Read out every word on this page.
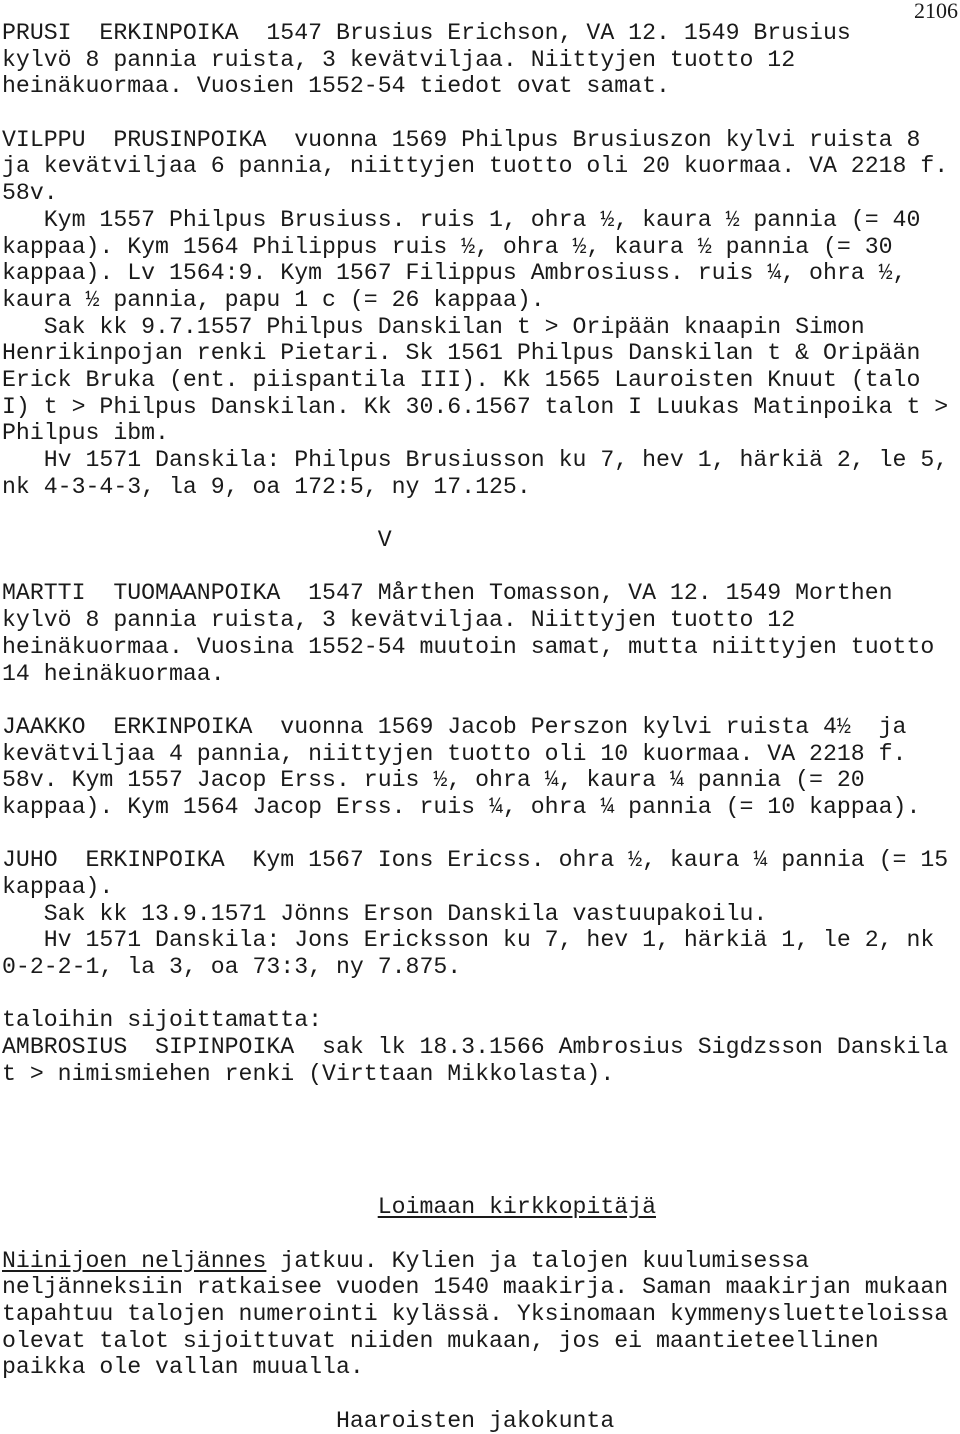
2106
PRUSI  ERKINPOIKA  1547 Brusius Erichson, VA 12. 1549 Brusius
kylvö 8 pannia ruista, 3 kevätviljaa. Niittyjen tuotto 12
heinäkuormaa. Vuosien 1552-54 tiedot ovat samat.
VILPPU  PRUSINPOIKA  vuonna 1569 Philpus Brusiuszon kylvi ruista 8
ja kevätviljaa 6 pannia, niittyjen tuotto oli 20 kuormaa. VA 2218 f.
58v.
Kym 1557 Philpus Brusiuss. ruis 1, ohra ½, kaura ½ pannia (= 40
kappaa). Kym 1564 Philippus ruis ½, ohra ½, kaura ½ pannia (= 30
kappaa). Lv 1564:9. Kym 1567 Filippus Ambrosiuss. ruis ¼, ohra ½,
kaura ½ pannia, papu 1 c (= 26 kappaa).
Sak kk 9.7.1557 Philpus Danskilan t > Oripään knaapin Simon
Henrikinpojan renki Pietari. Sk 1561 Philpus Danskilan t & Oripään
Erick Bruka (ent. piispantila III). Kk 1565 Lauroisten Knuut (talo
I) t > Philpus Danskilan. Kk 30.6.1567 talon I Luukas Matinpoika t >
Philpus ibm.
Hv 1571 Danskila: Philpus Brusiusson ku 7, hev 1, härkiä 2, le 5,
nk 4-3-4-3, la 9, oa 172:5, ny 17.125.
V
MARTTI  TUOMAANPOIKA  1547 Mårthen Tomasson, VA 12. 1549 Morthen
kylvö 8 pannia ruista, 3 kevätviljaa. Niittyjen tuotto 12
heinäkuormaa. Vuosina 1552-54 muutoin samat, mutta niittyjen tuotto
14 heinäkuormaa.
JAAKKO  ERKINPOIKA  vuonna 1569 Jacob Perszon kylvi ruista 4½  ja
kevätviljaa 4 pannia, niittyjen tuotto oli 10 kuormaa. VA 2218 f.
58v. Kym 1557 Jacop Erss. ruis ½, ohra ¼, kaura ¼ pannia (= 20
kappaa). Kym 1564 Jacop Erss. ruis ¼, ohra ¼ pannia (= 10 kappaa).
JUHO  ERKINPOIKA  Kym 1567 Ions Ericss. ohra ½, kaura ¼ pannia (= 15
kappaa).
Sak kk 13.9.1571 Jönns Erson Danskila vastuupakoilu.
Hv 1571 Danskila: Jons Ericksson ku 7, hev 1, härkiä 1, le 2, nk
0-2-2-1, la 3, oa 73:3, ny 7.875.
taloihin sijoittamatta:
AMBROSIUS  SIPINPOIKA  sak lk 18.3.1566 Ambrosius Sigdzsson Danskila
t > nimismiehen renki (Virttaan Mikkolasta).
Loimaan kirkkopitäjä
Niinijoen neljännes jatkuu. Kylien ja talojen kuulumisessa
neljänneksiin ratkaisee vuoden 1540 maakirja. Saman maakirjan mukaan
tapahtuu talojen numerointi kylässä. Yksinomaan kymmenysluetteloissa
olevat talot sijoittuvat niiden mukaan, jos ei maantieteellinen
paikka ole vallan muualla.
Haaroisten jakokunta
